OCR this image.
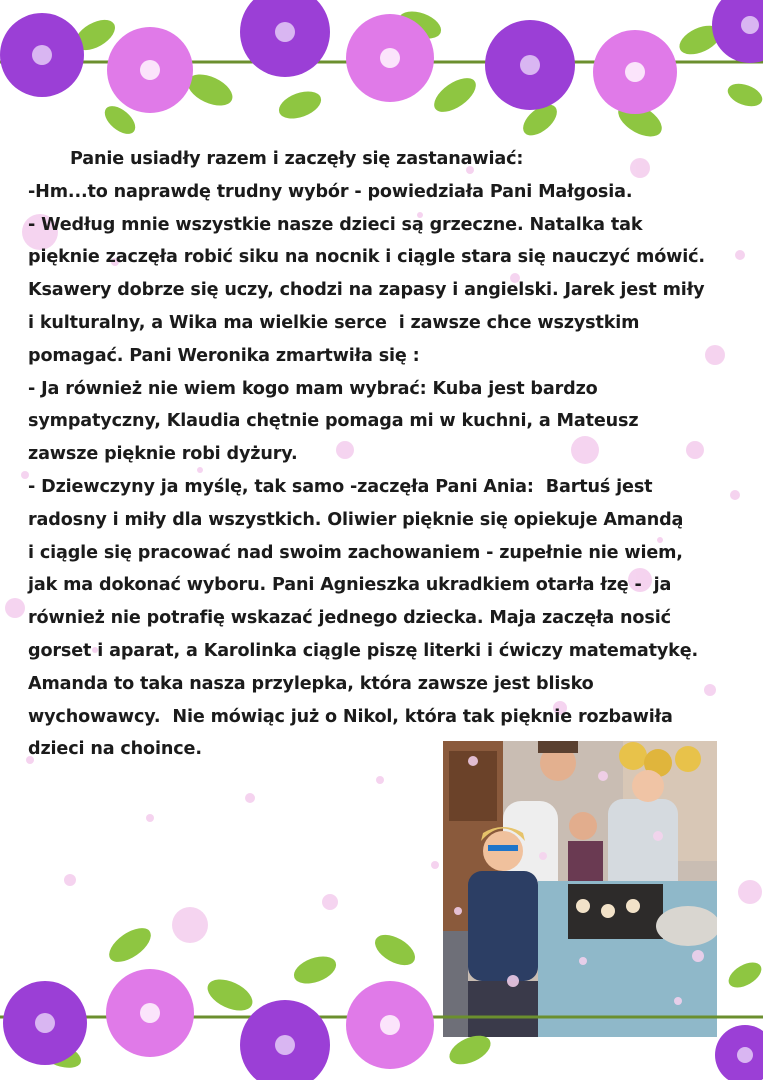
Panie usiadły razem i zaczęły się zastanawiać:

-Hm...to naprawdę trudny wybór - powiedziała Pani Małgosia.

- Według mnie wszystkie nasze dzieci są grzeczne. Natalka tak

pięknie zaczęła robić siku na nocnik i ciągle stara się nauczyć mówić.

Ksawery dobrze się uczy, chodzi na zapasy i angielski. Jarek jest miły

i kulturalny, a Wika ma wielkie serce  i zawsze chce wszystkim

pomagać. Pani Weronika zmartwiła się :

- Ja również nie wiem kogo mam wybrać: Kuba jest bardzo

sympatyczny, Klaudia chętnie pomaga mi w kuchni, a Mateusz

zawsze pięknie robi dyżury.

- Dziewczyny ja myślę, tak samo -zaczęła Pani Ania:  Bartuś jest

radosny i miły dla wszystkich. Oliwier pięknie się opiekuje Amandą

i ciągle się pracować nad swoim zachowaniem - zupełnie nie wiem,

jak ma dokonać wyboru. Pani Agnieszka ukradkiem otarła łzę -  ja

również nie potrafię wskazać jednego dziecka. Maja zaczęła nosić

gorset i aparat, a Karolinka ciągle piszę literki i ćwiczy matematykę.

Amanda to taka nasza przylepka, która zawsze jest blisko

wychowawcy.  Nie mówiąc już o Nikol, która tak pięknie rozbawiła

dzieci na choince.
